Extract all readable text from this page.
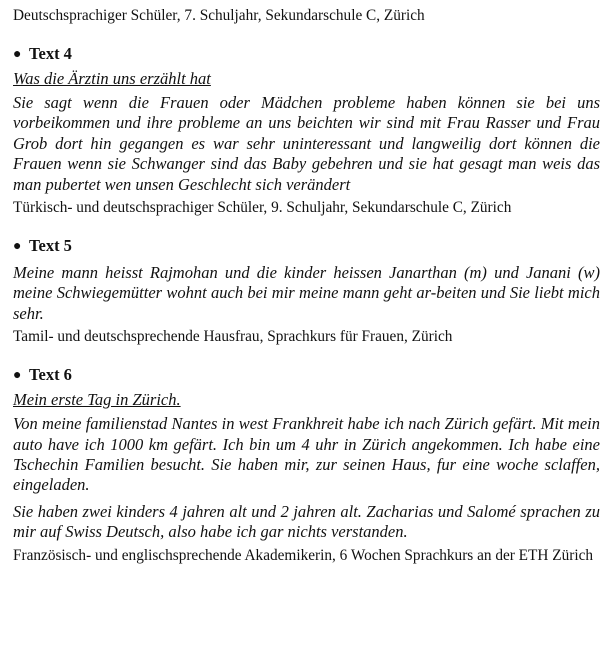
Deutschsprachiger Schüler, 7. Schuljahr, Sekundarschule C, Zürich

● Text 4

Was die Ärztin uns erzählt hat

Sie sagt wenn die Frauen oder Mädchen probleme haben können sie bei uns vorbeikommen und ihre probleme an uns beichten wir sind mit Frau Rasser und Frau Grob dort hin gegangen es war sehr uninteressant und langweilig dort können die Frauen wenn sie Schwanger sind das Baby gebehren und sie hat gesagt man weis das man pubertet wen unsen Geschlecht sich verändert

Türkisch- und deutschsprachiger Schüler, 9. Schuljahr, Sekundarschule C, Zürich

● Text 5

Meine mann heisst Rajmohan und die kinder heissen Janarthan (m) und Janani (w) meine Schwiegemütter wohnt auch bei mir meine mann geht ar-beiten und Sie liebt mich sehr.

Tamil- und deutschsprechende Hausfrau, Sprachkurs für Frauen, Zürich

● Text 6

Mein erste Tag in Zürich.

Von meine familienstad Nantes in west Frankhreit habe ich nach Zürich gefärt. Mit mein auto have ich 1000 km gefärt. Ich bin um 4 uhr in Zürich angekommen. Ich habe eine Tschechin Familien besucht. Sie haben mir, zur seinen Haus, fur eine woche sclaffen, eingeladen.

Sie haben zwei kinders 4 jahren alt und 2 jahren alt. Zacharias und Salomé sprachen zu mir auf Swiss Deutsch, also habe ich gar nichts verstanden.

Französisch- und englischsprechende Akademikerin, 6 Wochen Sprachkurs an der ETH Zürich
